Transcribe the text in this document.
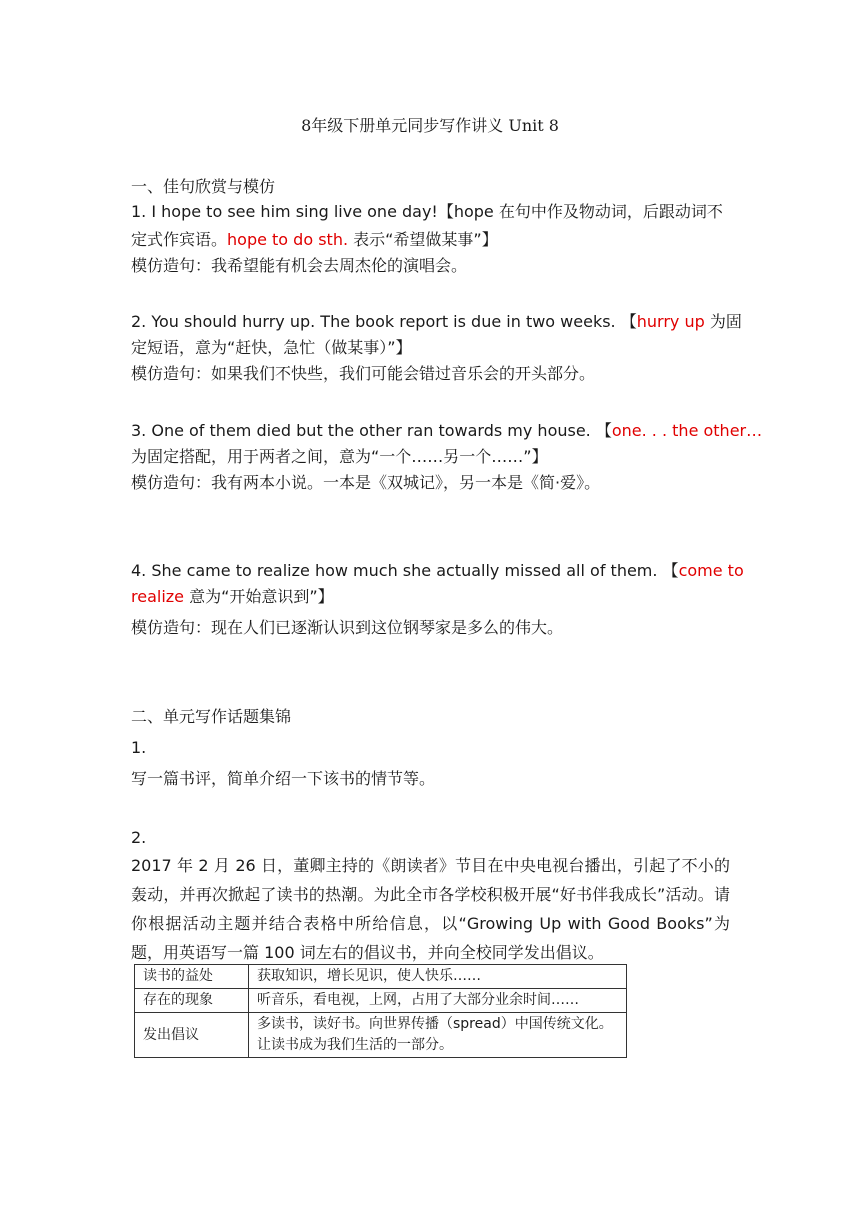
8年级下册单元同步写作讲义 Unit 8
一、佳句欣赏与模仿
1. I hope to see him sing live one day!【hope 在句中作及物动词，后跟动词不
定式作宾语。hope to do sth. 表示“希望做某事”】
模仿造句：我希望能有机会去周杰伦的演唱会。
2. You should hurry up. The book report is due in two weeks. 【hurry up 为固
定短语，意为“赶快，急忙（做某事）”】
模仿造句：如果我们不快些，我们可能会错过音乐会的开头部分。
3. One of them died but the other ran towards my house. 【one. . . the other…
为固定搭配，用于两者之间，意为“一个……另一个……”】
模仿造句：我有两本小说。一本是《双城记》，另一本是《简·爱》。
4. She came to realize how much she actually missed all of them. 【come to
realize 意为“开始意识到”】
模仿造句：现在人们已逐渐认识到这位钢琴家是多么的伟大。
二、单元写作话题集锦
1.
写一篇书评，简单介绍一下该书的情节等。
2.
2017 年 2 月 26 日，董卿主持的《朗读者》节目在中央电视台播出，引起了不小的轰动，并再次掀起了读书的热潮。为此全市各学校积极开展“好书伴我成长”活动。请你根据活动主题并结合表格中所给信息，以“Growing Up with Good Books”为题，用英语写一篇 100 词左右的倡议书，并向全校同学发出倡议。
读书的益处	获取知识，增长见识，使人快乐……
存在的现象	听音乐，看电视，上网，占用了大部分业余时间……
发出倡议	多读书，读好书。向世界传播（spread）中国传统文化。让读书成为我们生活的一部分。
